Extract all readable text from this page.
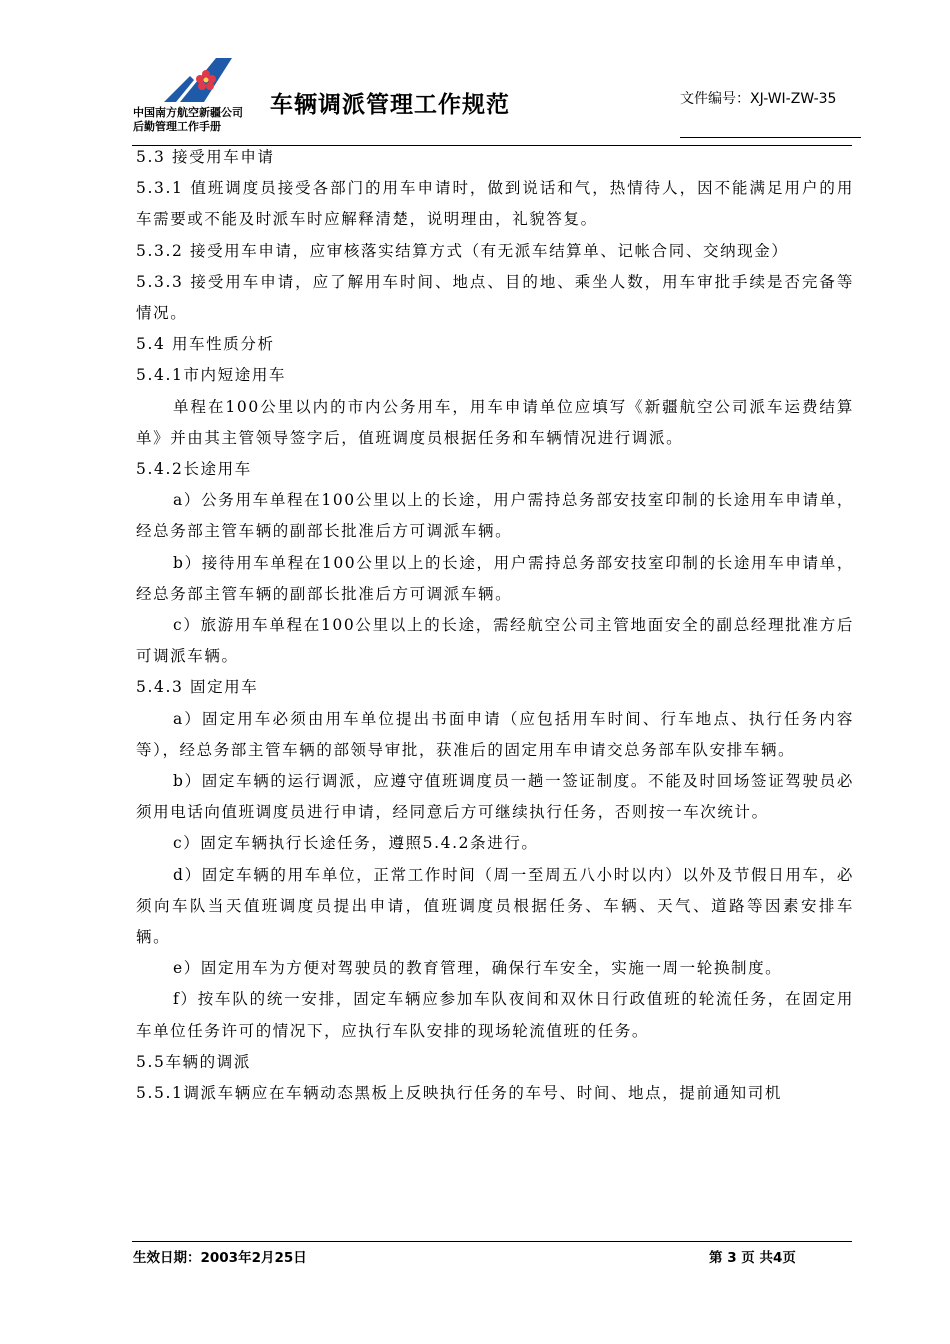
中国南方航空新疆公司
后勤管理工作手册
车辆调派管理工作规范	文件编号：XJ-WI-ZW-35

5.3 接受用车申请

5.3.1 值班调度员接受各部门的用车申请时，做到说话和气，热情待人，因不能满足用户的用车需要或不能及时派车时应解释清楚，说明理由，礼貌答复。

5.3.2 接受用车申请，应审核落实结算方式（有无派车结算单、记帐合同、交纳现金）

5.3.3 接受用车申请，应了解用车时间、地点、目的地、乘坐人数，用车审批手续是否完备等情况。

5.4 用车性质分析

5.4.1市内短途用车

单程在100公里以内的市内公务用车，用车申请单位应填写《新疆航空公司派车运费结算单》并由其主管领导签字后，值班调度员根据任务和车辆情况进行调派。

5.4.2长途用车

a）公务用车单程在100公里以上的长途，用户需持总务部安技室印制的长途用车申请单，经总务部主管车辆的副部长批准后方可调派车辆。

b）接待用车单程在100公里以上的长途，用户需持总务部安技室印制的长途用车申请单，经总务部主管车辆的副部长批准后方可调派车辆。

c）旅游用车单程在100公里以上的长途，需经航空公司主管地面安全的副总经理批准方后可调派车辆。

5.4.3 固定用车

a）固定用车必须由用车单位提出书面申请（应包括用车时间、行车地点、执行任务内容等），经总务部主管车辆的部领导审批，获准后的固定用车申请交总务部车队安排车辆。

b）固定车辆的运行调派，应遵守值班调度员一趟一签证制度。不能及时回场签证驾驶员必须用电话向值班调度员进行申请，经同意后方可继续执行任务，否则按一车次统计。

c）固定车辆执行长途任务，遵照5.4.2条进行。

d）固定车辆的用车单位，正常工作时间（周一至周五八小时以内）以外及节假日用车，必须向车队当天值班调度员提出申请，值班调度员根据任务、车辆、天气、道路等因素安排车辆。

e）固定用车为方便对驾驶员的教育管理，确保行车安全，实施一周一轮换制度。

f）按车队的统一安排，固定车辆应参加车队夜间和双休日行政值班的轮流任务，在固定用车单位任务许可的情况下，应执行车队安排的现场轮流值班的任务。

5.5车辆的调派

5.5.1调派车辆应在车辆动态黑板上反映执行任务的车号、时间、地点，提前通知司机

生效日期：2003年2月25日	第 3 页 共4页
